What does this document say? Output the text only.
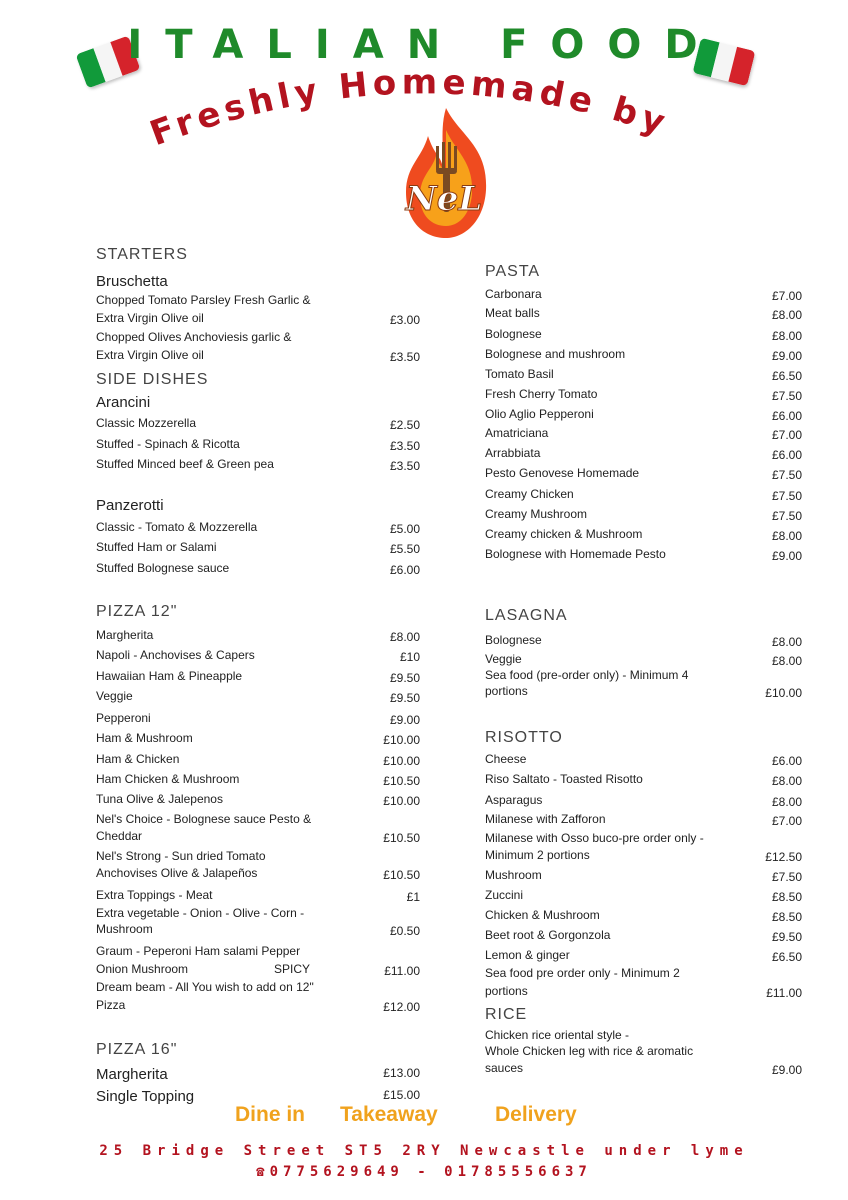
ITALIAN FOOD
Freshly Homemade by
NeL
STARTERS
Bruschetta
Chopped Tomato Parsley Fresh Garlic &
Extra Virgin Olive oil	£3.00
Chopped Olives Anchoviesis garlic &
Extra Virgin Olive oil	£3.50
SIDE DISHES
Arancini
Classic Mozzerella	£2.50
Stuffed - Spinach & Ricotta	£3.50
Stuffed Minced beef & Green pea	£3.50
Panzerotti
Classic - Tomato & Mozzerella	£5.00
Stuffed Ham or Salami	£5.50
Stuffed Bolognese sauce	£6.00
PIZZA 12"
Margherita	£8.00
Napoli - Anchovises & Capers	£10
Hawaiian Ham & Pineapple	£9.50
Veggie	£9.50
Pepperoni	£9.00
Ham & Mushroom	£10.00
Ham & Chicken	£10.00
Ham Chicken & Mushroom	£10.50
Tuna Olive & Jalepenos	£10.00
Nel's Choice - Bolognese sauce Pesto &
Cheddar	£10.50
Nel's Strong - Sun dried Tomato
Anchovises Olive & Jalapeños	£10.50
Extra Toppings - Meat	£1
Extra vegetable - Onion - Olive - Corn -
Mushroom	£0.50
Graum - Peperoni Ham salami Pepper
Onion Mushroom	SPICY	£11.00
Dream beam - All You wish to add on 12"
Pizza	£12.00
PIZZA 16"
Margherita	£13.00
Single Topping	£15.00
PASTA
Carbonara	£7.00
Meat balls	£8.00
Bolognese	£8.00
Bolognese and mushroom	£9.00
Tomato Basil	£6.50
Fresh Cherry Tomato	£7.50
Olio Aglio Pepperoni	£6.00
Amatriciana	£7.00
Arrabbiata	£6.00
Pesto Genovese Homemade	£7.50
Creamy Chicken	£7.50
Creamy Mushroom	£7.50
Creamy chicken & Mushroom	£8.00
Bolognese with Homemade Pesto	£9.00
LASAGNA
Bolognese	£8.00
Veggie	£8.00
Sea food (pre-order only) - Minimum 4
portions	£10.00
RISOTTO
Cheese	£6.00
Riso Saltato - Toasted Risotto	£8.00
Asparagus	£8.00
Milanese with Zafforon	£7.00
Milanese with Osso buco-pre order only -
Minimum 2 portions	£12.50
Mushroom	£7.50
Zuccini	£8.50
Chicken & Mushroom	£8.50
Beet root & Gorgonzola	£9.50
Lemon & ginger	£6.50
Sea food pre order only - Minimum 2
portions	£11.00
RICE
Chicken rice oriental style -
Whole Chicken leg with rice & aromatic
sauces	£9.00
Dine in Takeaway	Delivery
25 Bridge Street ST5 2RY Newcastle under lyme
☎0775629649 - 01785556637
